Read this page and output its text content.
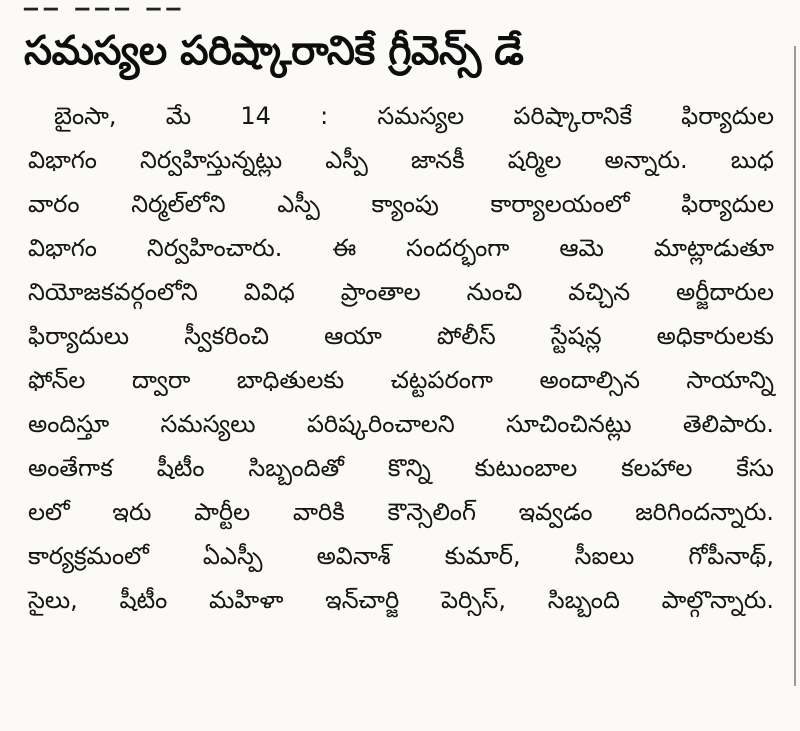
▁▁ ▁▁▁ ▁▁
సమస్యల పరిష్కారానికే గ్రీవెన్స్ డే
బైంసా, మే 14 : సమస్యల పరిష్కారానికే ఫిర్యాదుల
విభాగం నిర్వహిస్తున్నట్లు ఎస్పీ జానకీ షర్మిల అన్నారు. బుధ
వారం నిర్మల్‌లోని ఎస్పీ క్యాంపు కార్యాలయంలో ఫిర్యాదుల
విభాగం నిర్వహించారు. ఈ సందర్భంగా ఆమె మాట్లాడుతూ
నియోజకవర్గంలోని వివిధ ప్రాంతాల నుంచి వచ్చిన అర్జీదారుల
ఫిర్యాదులు స్వీకరించి ఆయా పోలీస్ స్టేషన్ల అధికారులకు
ఫోన్‌ల ద్వారా బాధితులకు చట్టపరంగా అందాల్సిన సాయాన్ని
అందిస్తూ సమస్యలు పరిష్కరించాలని సూచించినట్లు తెలిపారు.
అంతేగాక షీటీం సిబ్బందితో కొన్ని కుటుంబాల కలహాల కేసు
లలో ఇరు పార్టీల వారికి కౌన్సెలింగ్ ఇవ్వడం జరిగిందన్నారు.
కార్యక్రమంలో ఏఎస్పీ అవినాశ్ కుమార్, సీఐలు గోపీనాథ్,
సైలు, షీటీం మహిళా ఇన్‌చార్జి పెర్సిస్, సిబ్బంది పాల్గొన్నారు.
